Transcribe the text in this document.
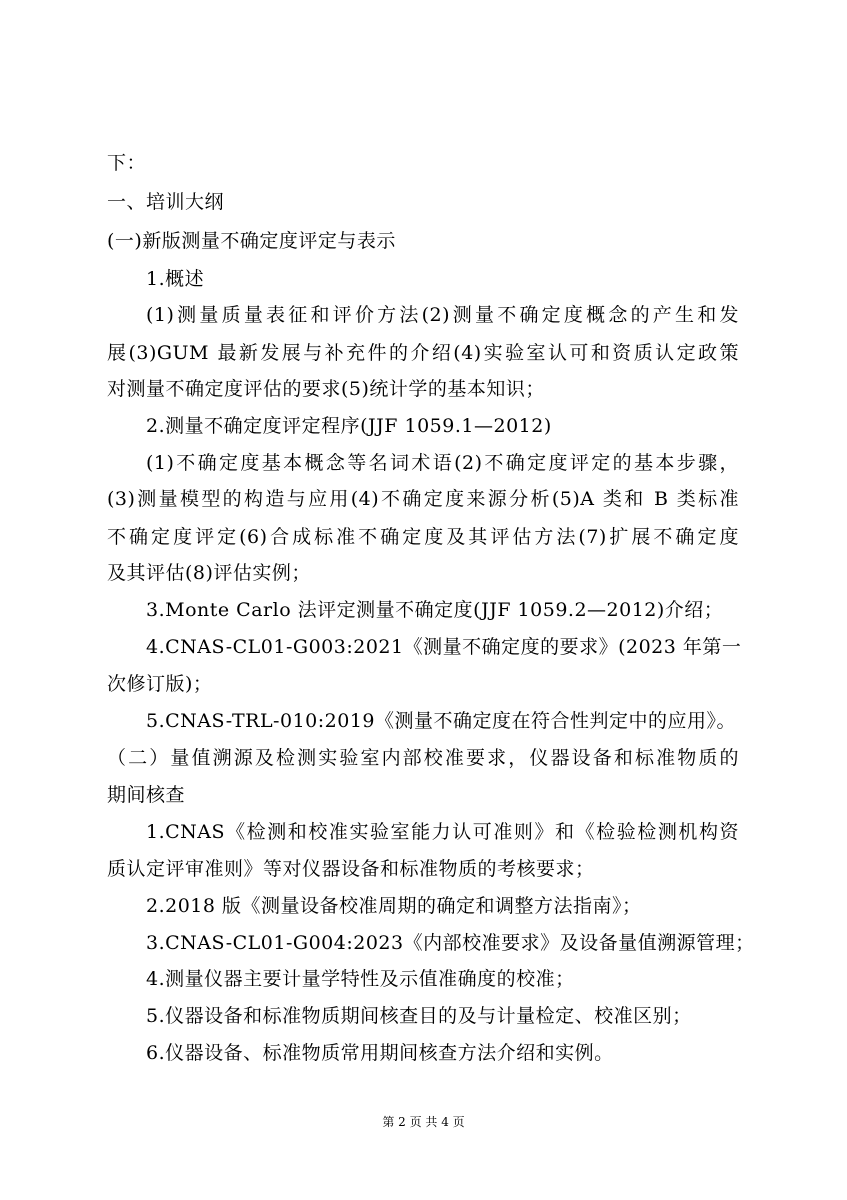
下：
一、培训大纲
(一)新版测量不确定度评定与表示
1.概述
(1)测量质量表征和评价方法(2)测量不确定度概念的产生和发
展(3)GUM 最新发展与补充件的介绍(4)实验室认可和资质认定政策
对测量不确定度评估的要求(5)统计学的基本知识；
2.测量不确定度评定程序(JJF 1059.1—2012)
(1)不确定度基本概念等名词术语(2)不确定度评定的基本步骤，
(3)测量模型的构造与应用(4)不确定度来源分析(5)A 类和 B 类标准
不确定度评定(6)合成标准不确定度及其评估方法(7)扩展不确定度
及其评估(8)评估实例；
3.Monte Carlo 法评定测量不确定度(JJF 1059.2—2012)介绍；
4.CNAS-CL01-G003:2021《测量不确定度的要求》(2023 年第一
次修订版)；
5.CNAS-TRL-010:2019《测量不确定度在符合性判定中的应用》。
（二）量值溯源及检测实验室内部校准要求，仪器设备和标准物质的
期间核查
1.CNAS《检测和校准实验室能力认可准则》和《检验检测机构资
质认定评审准则》等对仪器设备和标准物质的考核要求；
2.2018 版《测量设备校准周期的确定和调整方法指南》；
3.CNAS-CL01-G004:2023《内部校准要求》及设备量值溯源管理；
4.测量仪器主要计量学特性及示值准确度的校准；
5.仪器设备和标准物质期间核查目的及与计量检定、校准区别；
6.仪器设备、标准物质常用期间核查方法介绍和实例。
第 2 页 共 4 页
